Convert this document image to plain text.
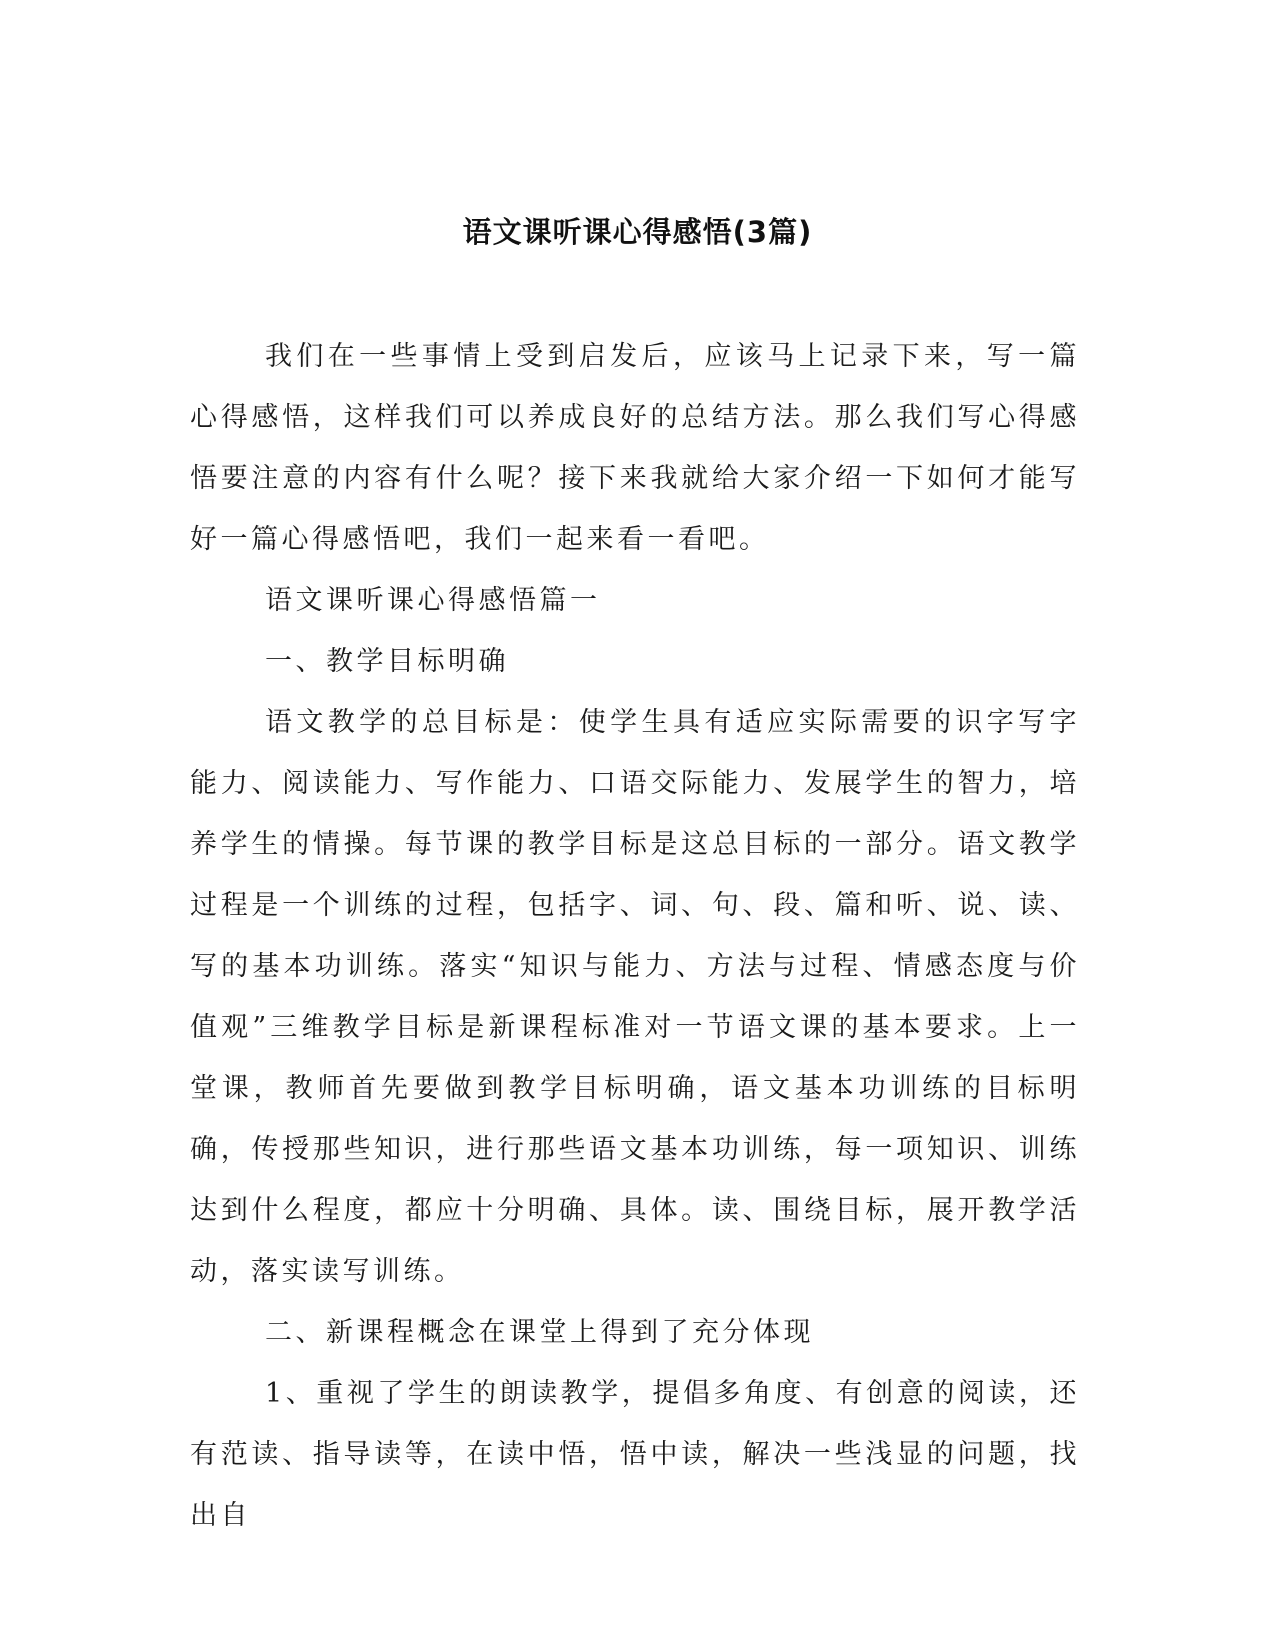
语文课听课心得感悟(3篇)

我们在一些事情上受到启发后，应该马上记录下来，写一篇心得感悟，这样我们可以养成良好的总结方法。那么我们写心得感悟要注意的内容有什么呢？接下来我就给大家介绍一下如何才能写好一篇心得感悟吧，我们一起来看一看吧。

语文课听课心得感悟篇一

一、教学目标明确

语文教学的总目标是：使学生具有适应实际需要的识字写字能力、阅读能力、写作能力、口语交际能力、发展学生的智力，培养学生的情操。每节课的教学目标是这总目标的一部分。语文教学过程是一个训练的过程，包括字、词、句、段、篇和听、说、读、写的基本功训练。落实“知识与能力、方法与过程、情感态度与价值观”三维教学目标是新课程标准对一节语文课的基本要求。上一堂课，教师首先要做到教学目标明确，语文基本功训练的目标明确，传授那些知识，进行那些语文基本功训练，每一项知识、训练达到什么程度，都应十分明确、具体。读、围绕目标，展开教学活动，落实读写训练。

二、新课程概念在课堂上得到了充分体现

1、重视了学生的朗读教学，提倡多角度、有创意的阅读，还有范读、指导读等，在读中悟，悟中读，解决一些浅显的问题，找出自
